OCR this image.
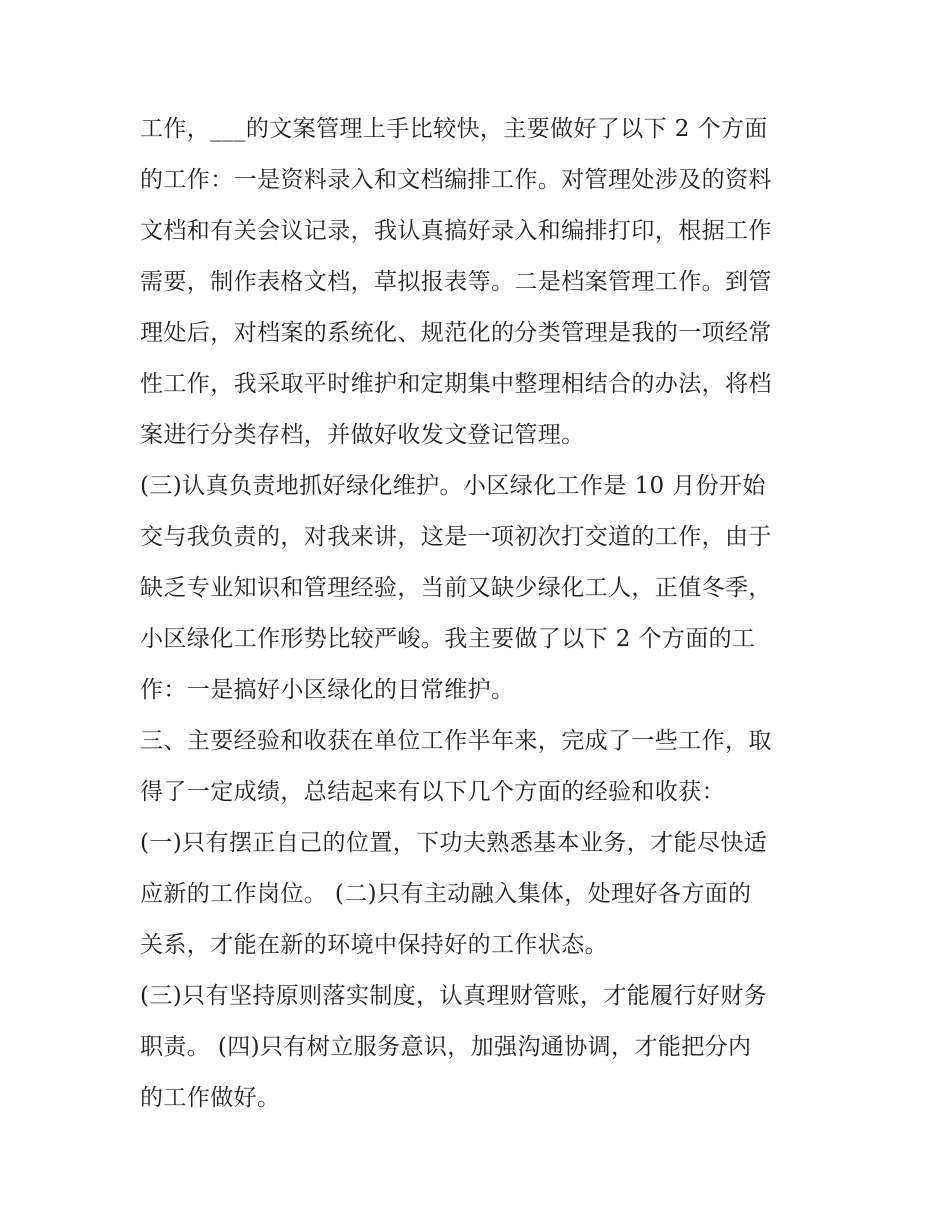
工作，___的文案管理上手比较快，主要做好了以下 2 个方面
的工作：一是资料录入和文档编排工作。对管理处涉及的资料
文档和有关会议记录，我认真搞好录入和编排打印，根据工作
需要，制作表格文档，草拟报表等。二是档案管理工作。到管
理处后，对档案的系统化、规范化的分类管理是我的一项经常
性工作，我采取平时维护和定期集中整理相结合的办法，将档
案进行分类存档，并做好收发文登记管理。
(三)认真负责地抓好绿化维护。小区绿化工作是 10 月份开始
交与我负责的，对我来讲，这是一项初次打交道的工作，由于
缺乏专业知识和管理经验，当前又缺少绿化工人，正值冬季，
小区绿化工作形势比较严峻。我主要做了以下 2 个方面的工
作：一是搞好小区绿化的日常维护。
三、主要经验和收获在单位工作半年来，完成了一些工作，取
得了一定成绩，总结起来有以下几个方面的经验和收获：
(一)只有摆正自己的位置，下功夫熟悉基本业务，才能尽快适
应新的工作岗位。 (二)只有主动融入集体，处理好各方面的
关系，才能在新的环境中保持好的工作状态。
(三)只有坚持原则落实制度，认真理财管账，才能履行好财务
职责。 (四)只有树立服务意识，加强沟通协调，才能把分内
的工作做好。
